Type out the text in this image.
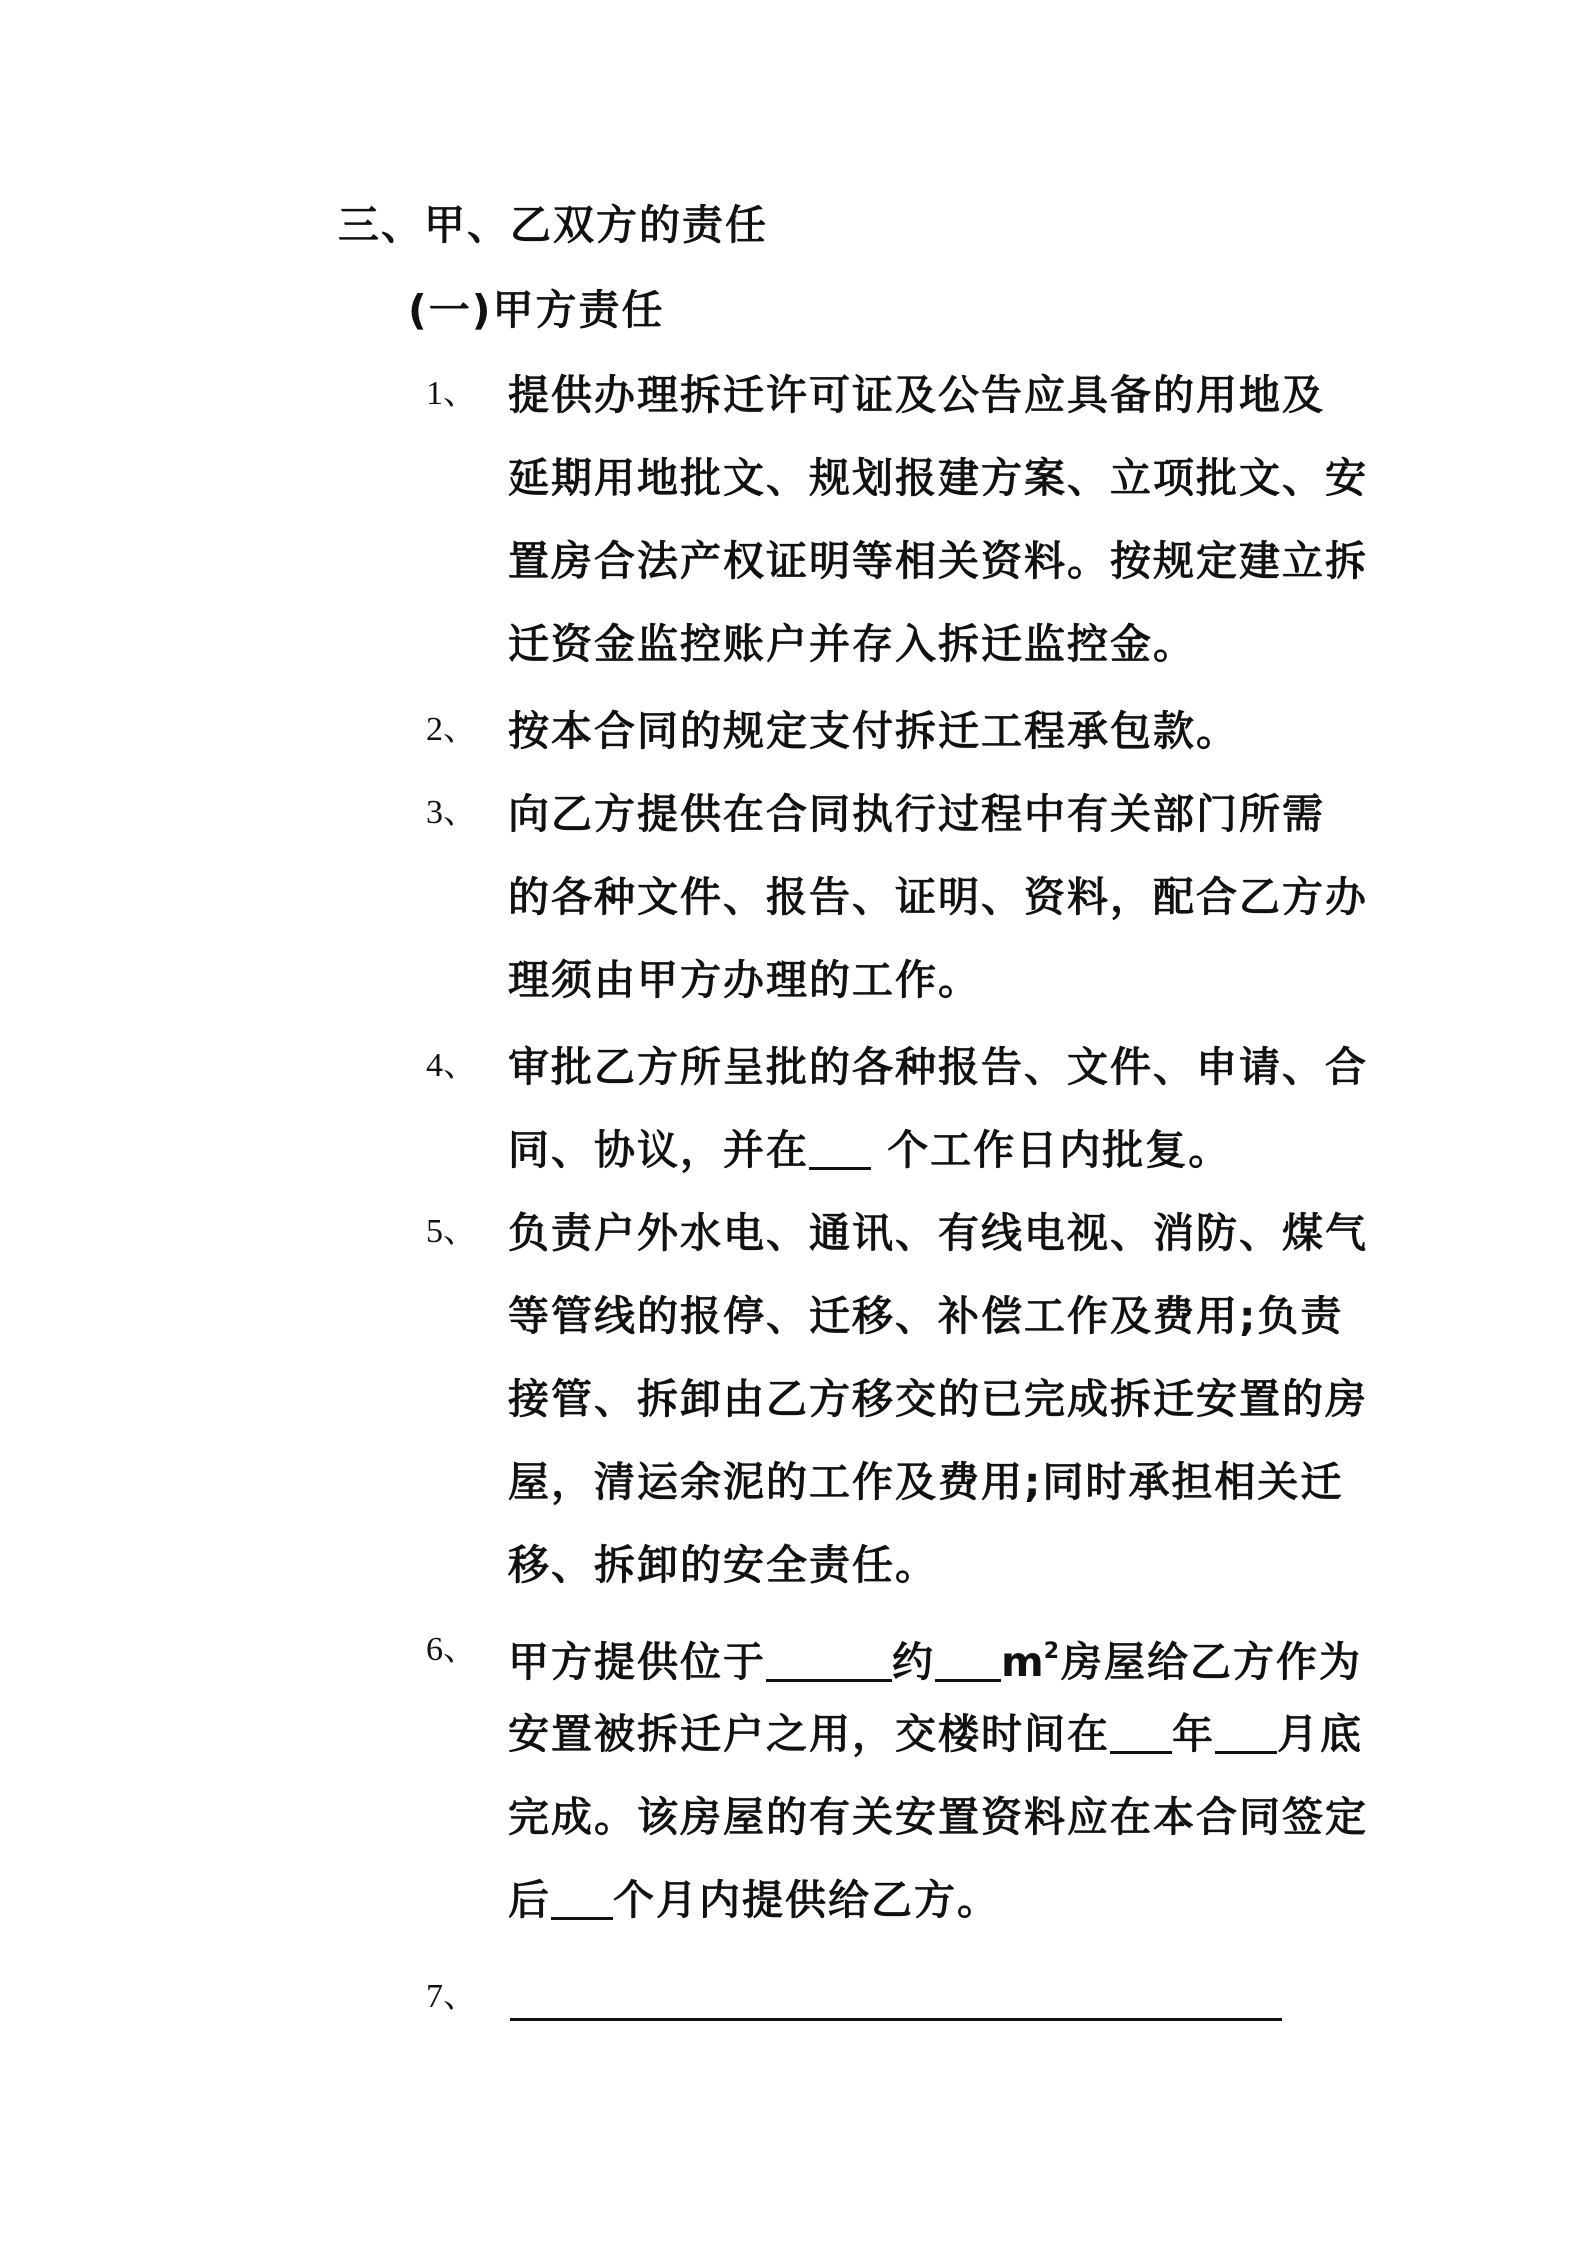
三、甲、乙双方的责任
(一)甲方责任
1、 提供办理拆迁许可证及公告应具备的用地及
延期用地批文、规划报建方案、立项批文、安
置房合法产权证明等相关资料。按规定建立拆
迁资金监控账户并存入拆迁监控金。
2、 按本合同的规定支付拆迁工程承包款。
3、 向乙方提供在合同执行过程中有关部门所需
的各种文件、报告、证明、资料，配合乙方办
理须由甲方办理的工作。
4、 审批乙方所呈批的各种报告、文件、申请、合
同、协议，并在 个工作日内批复。
5、 负责户外水电、通讯、有线电视、消防、煤气
等管线的报停、迁移、补偿工作及费用;负责
接管、拆卸由乙方移交的已完成拆迁安置的房
屋，清运余泥的工作及费用;同时承担相关迁
移、拆卸的安全责任。
6、 甲方提供位于	约 $m^2$房屋给乙方作为
安置被拆迁户之用，交楼时间在 年 月底
完成。该房屋的有关安置资料应在本合同签定
后 个月内提供给乙方。
7、
